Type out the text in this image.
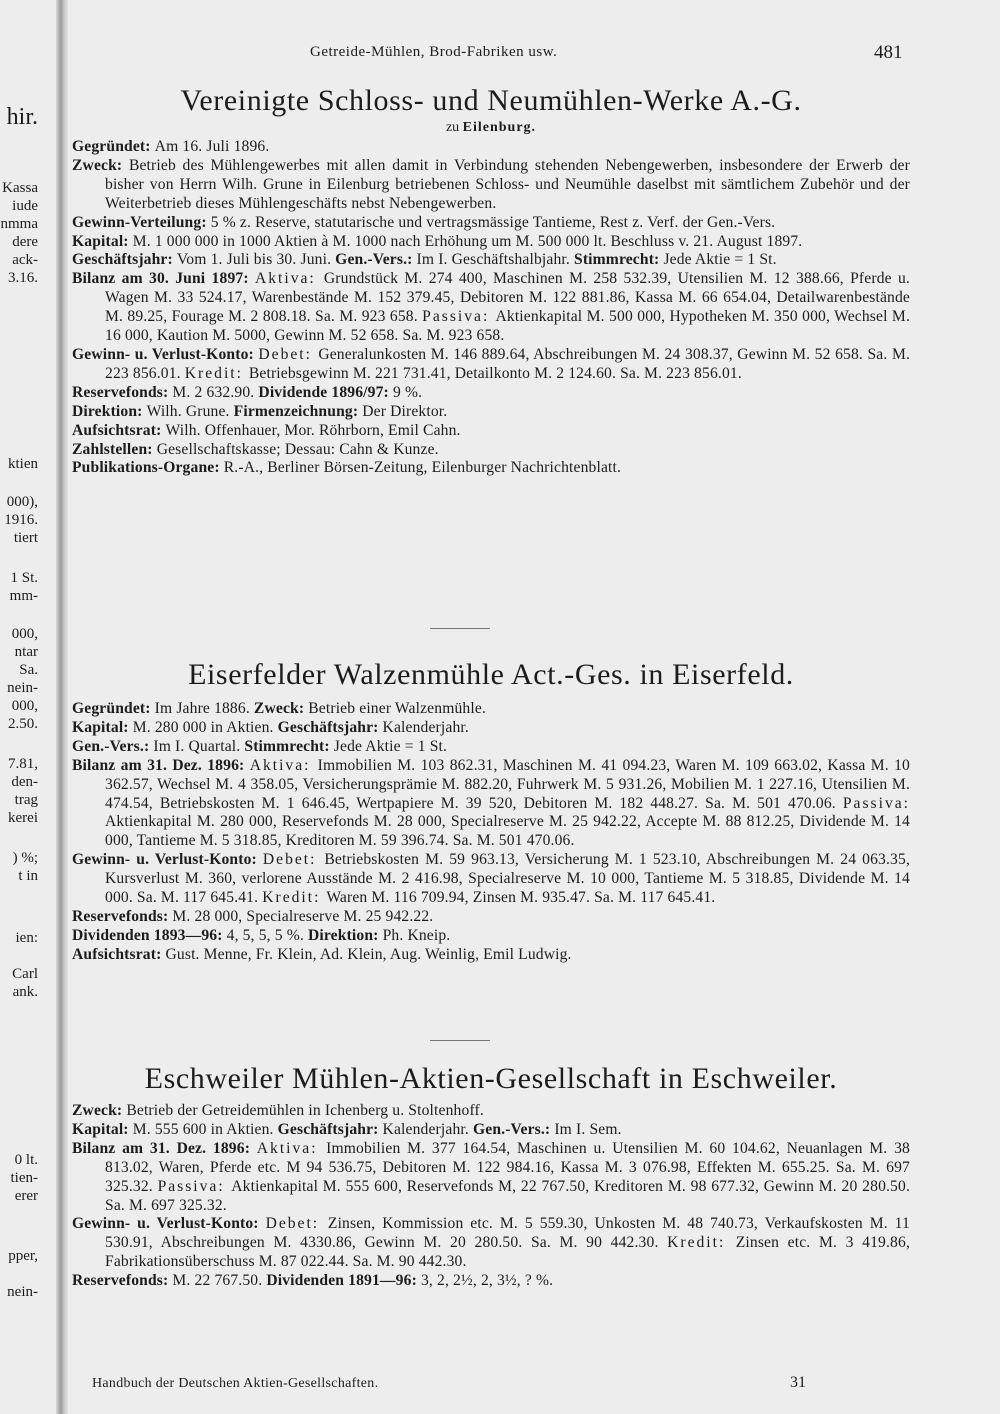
hir.
Kassa
iude
nmma
dere
ack-
3.16.
ktien
000),
1916.
tiert
1 St.
mm-
000,
ntar
Sa.
nein-
000,
2.50.
7.81,
den-
trag
kerei
) %;
t in
ien:
Carl
ank.
0 lt.
tien-
erer
pper,
nein-
Getreide-Mühlen, Brod-Fabriken usw.	481
Vereinigte Schloss- und Neumühlen-Werke A.-G.
zu Eilenburg.
Gegründet: Am 16. Juli 1896.
Zweck: Betrieb des Mühlengewerbes mit allen damit in Verbindung stehenden Nebengewerben, insbesondere der Erwerb der bisher von Herrn Wilh. Grune in Eilenburg betriebenen Schloss- und Neumühle daselbst mit sämtlichem Zubehör und der Weiterbetrieb dieses Mühlengeschäfts nebst Nebengewerben.
Gewinn-Verteilung: 5 % z. Reserve, statutarische und vertragsmässige Tantieme, Rest z. Verf. der Gen.-Vers.
Kapital: M. 1 000 000 in 1000 Aktien à M. 1000 nach Erhöhung um M. 500 000 lt. Beschluss v. 21. August 1897.
Geschäftsjahr: Vom 1. Juli bis 30. Juni. Gen.-Vers.: Im I. Geschäftshalbjahr. Stimmrecht: Jede Aktie = 1 St.
Bilanz am 30. Juni 1897: Aktiva: Grundstück M. 274 400, Maschinen M. 258 532.39, Utensilien M. 12 388.66, Pferde u. Wagen M. 33 524.17, Warenbestände M. 152 379.45, Debitoren M. 122 881.86, Kassa M. 66 654.04, Detailwarenbestände M. 89.25, Fourage M. 2 808.18. Sa. M. 923 658. Passiva: Aktienkapital M. 500 000, Hypotheken M. 350 000, Wechsel M. 16 000, Kaution M. 5000, Gewinn M. 52 658. Sa. M. 923 658.
Gewinn- u. Verlust-Konto: Debet: Generalunkosten M. 146 889.64, Abschreibungen M. 24 308.37, Gewinn M. 52 658. Sa. M. 223 856.01. Kredit: Betriebsgewinn M. 221 731.41, Detailkonto M. 2 124.60. Sa. M. 223 856.01.
Reservefonds: M. 2 632.90. Dividende 1896/97: 9 %.
Direktion: Wilh. Grune. Firmenzeichnung: Der Direktor.
Aufsichtsrat: Wilh. Offenhauer, Mor. Röhrborn, Emil Cahn.
Zahlstellen: Gesellschaftskasse; Dessau: Cahn & Kunze.
Publikations-Organe: R.-A., Berliner Börsen-Zeitung, Eilenburger Nachrichtenblatt.
Eiserfelder Walzenmühle Act.-Ges. in Eiserfeld.
Gegründet: Im Jahre 1886. Zweck: Betrieb einer Walzenmühle.
Kapital: M. 280 000 in Aktien. Geschäftsjahr: Kalenderjahr.
Gen.-Vers.: Im I. Quartal. Stimmrecht: Jede Aktie = 1 St.
Bilanz am 31. Dez. 1896: Aktiva: Immobilien M. 103 862.31, Maschinen M. 41 094.23, Waren M. 109 663.02, Kassa M. 10 362.57, Wechsel M. 4 358.05, Versicherungsprämie M. 882.20, Fuhrwerk M. 5 931.26, Mobilien M. 1 227.16, Utensilien M. 474.54, Betriebskosten M. 1 646.45, Wertpapiere M. 39 520, Debitoren M. 182 448.27. Sa. M. 501 470.06. Passiva: Aktienkapital M. 280 000, Reservefonds M. 28 000, Specialreserve M. 25 942.22, Accepte M. 88 812.25, Dividende M. 14 000, Tantieme M. 5 318.85, Kreditoren M. 59 396.74. Sa. M. 501 470.06.
Gewinn- u. Verlust-Konto: Debet: Betriebskosten M. 59 963.13, Versicherung M. 1 523.10, Abschreibungen M. 24 063.35, Kursverlust M. 360, verlorene Ausstände M. 2 416.98, Specialreserve M. 10 000, Tantieme M. 5 318.85, Dividende M. 14 000. Sa. M. 117 645.41. Kredit: Waren M. 116 709.94, Zinsen M. 935.47. Sa. M. 117 645.41.
Reservefonds: M. 28 000, Specialreserve M. 25 942.22.
Dividenden 1893—96: 4, 5, 5, 5 %. Direktion: Ph. Kneip.
Aufsichtsrat: Gust. Menne, Fr. Klein, Ad. Klein, Aug. Weinlig, Emil Ludwig.
Eschweiler Mühlen-Aktien-Gesellschaft in Eschweiler.
Zweck: Betrieb der Getreidemühlen in Ichenberg u. Stoltenhoff.
Kapital: M. 555 600 in Aktien. Geschäftsjahr: Kalenderjahr. Gen.-Vers.: Im I. Sem.
Bilanz am 31. Dez. 1896: Aktiva: Immobilien M. 377 164.54, Maschinen u. Utensilien M. 60 104.62, Neuanlagen M. 38 813.02, Waren, Pferde etc. M 94 536.75, Debitoren M. 122 984.16, Kassa M. 3 076.98, Effekten M. 655.25. Sa. M. 697 325.32. Passiva: Aktienkapital M. 555 600, Reservefonds M, 22 767.50, Kreditoren M. 98 677.32, Gewinn M. 20 280.50. Sa. M. 697 325.32.
Gewinn- u. Verlust-Konto: Debet: Zinsen, Kommission etc. M. 5 559.30, Unkosten M. 48 740.73, Verkaufskosten M. 11 530.91, Abschreibungen M. 4330.86, Gewinn M. 20 280.50. Sa. M. 90 442.30. Kredit: Zinsen etc. M. 3 419.86, Fabrikationsüberschuss M. 87 022.44. Sa. M. 90 442.30.
Reservefonds: M. 22 767.50. Dividenden 1891—96: 3, 2, 2½, 2, 3½, ? %.
Handbuch der Deutschen Aktien-Gesellschaften.	31
